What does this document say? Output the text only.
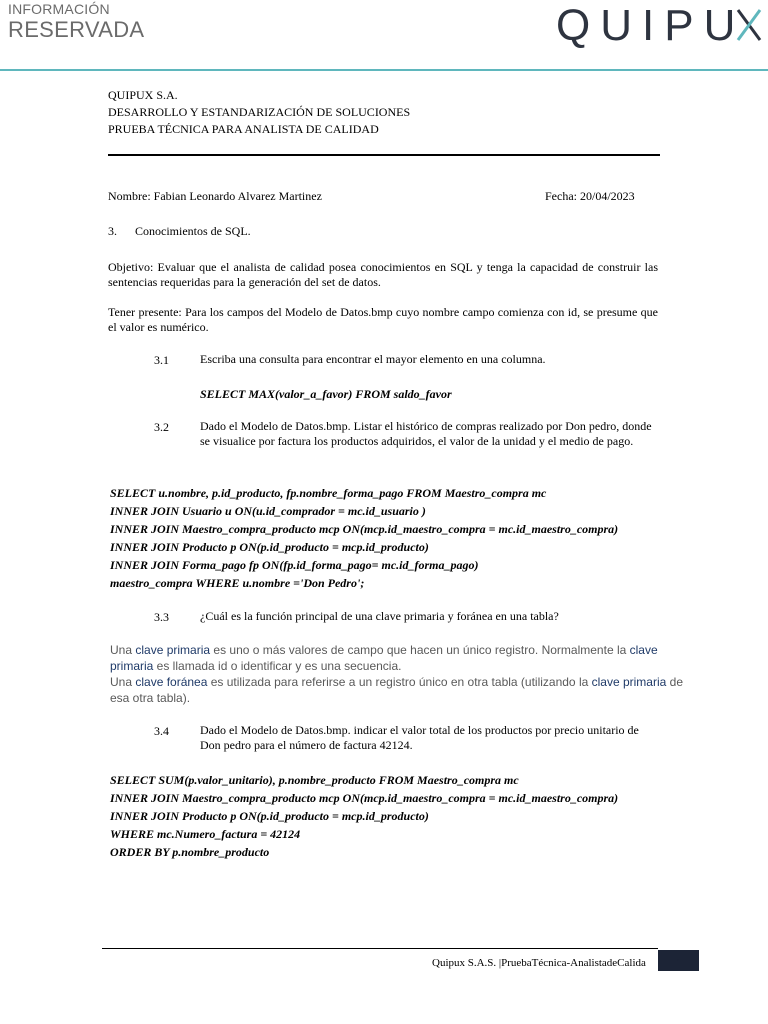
INFORMACIÓN
RESERVADA	QUIPU
QUIPUX S.A.
DESARROLLO Y ESTANDARIZACIÓN DE SOLUCIONES
PRUEBA TÉCNICA PARA ANALISTA DE CALIDAD
Nombre: Fabian Leonardo Alvarez Martinez	Fecha: 20/04/2023
3. Conocimientos de SQL.
Objetivo: Evaluar que el analista de calidad posea conocimientos en SQL y tenga la capacidad de construir las sentencias requeridas para la generación del set de datos.
Tener presente: Para los campos del Modelo de Datos.bmp cuyo nombre campo comienza con id, se presume que el valor es numérico.
3.1	Escriba una consulta para encontrar el mayor elemento en una columna.
SELECT MAX(valor_a_favor) FROM saldo_favor
3.2	Dado el Modelo de Datos.bmp. Listar el histórico de compras realizado por Don pedro, donde se visualice por factura los productos adquiridos, el valor de la unidad y el medio de pago.
SELECT u.nombre, p.id_producto, fp.nombre_forma_pago FROM Maestro_compra mc
INNER JOIN Usuario u ON(u.id_comprador = mc.id_usuario )
INNER JOIN Maestro_compra_producto mcp ON(mcp.id_maestro_compra = mc.id_maestro_compra)
INNER JOIN Producto p ON(p.id_producto = mcp.id_producto)
INNER JOIN Forma_pago fp ON(fp.id_forma_pago= mc.id_forma_pago)
maestro_compra WHERE u.nombre ='Don Pedro';
3.3	¿Cuál es la función principal de una clave primaria y foránea en una tabla?
Una clave primaria es uno o más valores de campo que hacen un único registro. Normalmente la clave primaria es llamada id o identificar y es una secuencia.
Una clave foránea es utilizada para referirse a un registro único en otra tabla (utilizando la clave primaria de esa otra tabla).
3.4	Dado el Modelo de Datos.bmp. indicar el valor total de los productos por precio unitario de Don pedro para el número de factura 42124.
SELECT SUM(p.valor_unitario), p.nombre_producto FROM Maestro_compra mc
INNER JOIN Maestro_compra_producto mcp ON(mcp.id_maestro_compra = mc.id_maestro_compra)
INNER JOIN Producto p ON(p.id_producto = mcp.id_producto)
WHERE mc.Numero_factura = 42124
ORDER BY p.nombre_producto
Quipux S.A.S. |PruebaTécnica-AnalistadeCalida	1
